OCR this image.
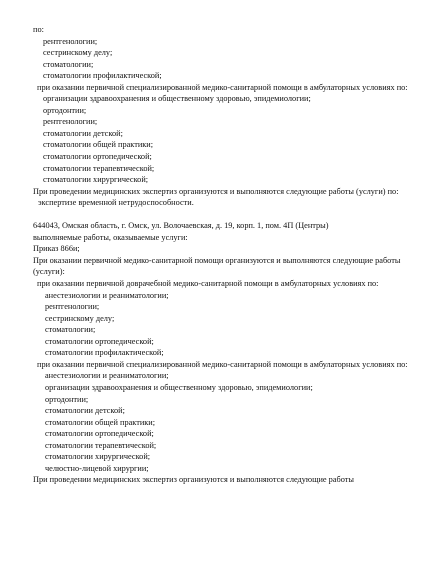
по:
рентгенологии;
сестринскому делу;
стоматологии;
стоматологии профилактической;
при оказании первичной специализированной медико-санитарной помощи в амбулаторных условиях по:
организации здравоохранения и общественному здоровью, эпидемиологии;
ортодонтии;
рентгенологии;
стоматологии детской;
стоматологии общей практики;
стоматологии ортопедической;
стоматологии терапевтической;
стоматологии хирургической;
При проведении медицинских экспертиз организуются и выполняются следующие работы (услуги) по:
экспертизе временной нетрудоспособности.
644043, Омская область, г. Омск, ул. Волочаевская, д. 19, корп. 1, пом. 4П (Центры)
выполняемые работы, оказываемые услуги:
Приказ 866и;
При оказании первичной медико-санитарной помощи организуются и выполняются следующие работы (услуги):
при оказании первичной доврачебной медико-санитарной помощи в амбулаторных условиях по:
анестезиологии и реаниматологии;
рентгенологии;
сестринскому делу;
стоматологии;
стоматологии ортопедической;
стоматологии профилактической;
при оказании первичной специализированной медико-санитарной помощи в амбулаторных условиях по:
анестезиологии и реаниматологии;
организации здравоохранения и общественному здоровью, эпидемиологии;
ортодонтии;
стоматологии детской;
стоматологии общей практики;
стоматологии ортопедической;
стоматологии терапевтической;
стоматологии хирургической;
челюстно-лицевой хирургии;
При проведении медицинских экспертиз организуются и выполняются следующие работы
